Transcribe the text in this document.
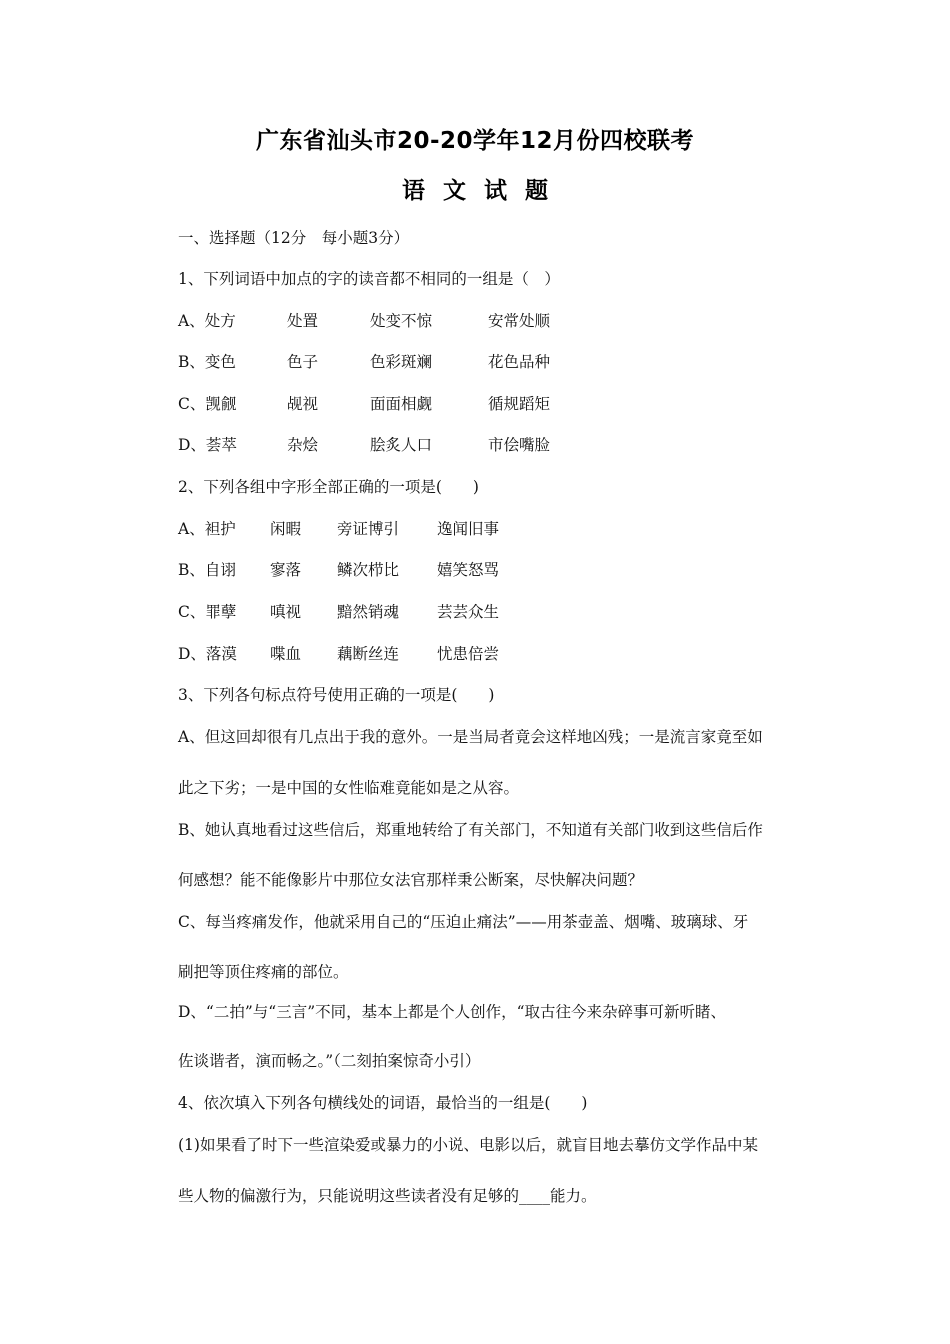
广东省汕头市20-20学年12月份四校联考
语文试题
一、选择题（12分　每小题3分）
1、下列词语中加点的字的读音都不相同的一组是（　）
A、处方	处置	处变不惊	安常处顺
B、变色	色子	色彩斑斓	花色品种
C、觊觎	觇视	面面相觑	循规蹈矩
D、荟萃	杂烩	脍炙人口	市侩嘴脸
2、下列各组中字形全部正确的一项是(　　)
A、袒护 闲暇 旁证博引 逸闻旧事
B、自诩 寥落 鳞次栉比 嬉笑怒骂
C、罪孽 嗔视 黯然销魂 芸芸众生
D、落漠 喋血 藕断丝连 忧患倍尝
3、下列各句标点符号使用正确的一项是(　　)
A、但这回却很有几点出于我的意外。一是当局者竟会这样地凶残；一是流言家竟至如
此之下劣；一是中国的女性临难竟能如是之从容。
B、她认真地看过这些信后，郑重地转给了有关部门，不知道有关部门收到这些信后作
何感想？能不能像影片中那位女法官那样秉公断案，尽快解决问题？
C、每当疼痛发作，他就采用自己的“压迫止痛法”——用茶壶盖、烟嘴、玻璃球、牙
刷把等顶住疼痛的部位。
D、“二拍”与“三言”不同，基本上都是个人创作，“取古往今来杂碎事可新听睹、
佐谈谐者，演而畅之。”（二刻拍案惊奇小引）
4、依次填入下列各句横线处的词语，最恰当的一组是(　　)
(1)如果看了时下一些渲染爱或暴力的小说、电影以后，就盲目地去摹仿文学作品中某
些人物的偏激行为，只能说明这些读者没有足够的____能力。
